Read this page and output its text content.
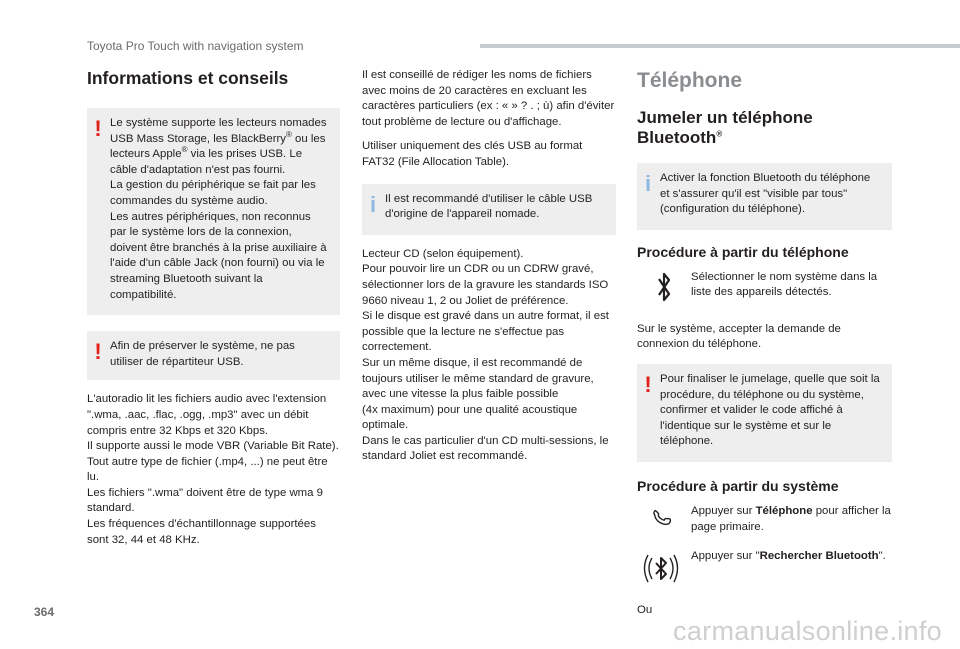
Toyota Pro Touch with navigation system
Informations et conseils
! Le système supporte les lecteurs nomades USB Mass Storage, les BlackBerry® ou les lecteurs Apple® via les prises USB. Le câble d'adaptation n'est pas fourni.

La gestion du périphérique se fait par les commandes du système audio.

Les autres périphériques, non reconnus par le système lors de la connexion, doivent être branchés à la prise auxiliaire à l'aide d'un câble Jack (non fourni) ou via le streaming Bluetooth suivant la compatibilité.

! Afin de préserver le système, ne pas utiliser de répartiteur USB.

L'autoradio lit les fichiers audio avec l'extension ".wma, .aac, .flac, .ogg, .mp3" avec un débit compris entre 32 Kbps et 320 Kbps.

Il supporte aussi le mode VBR (Variable Bit Rate).

Tout autre type de fichier (.mp4, ...) ne peut être lu.

Les fichiers ".wma" doivent être de type wma 9 standard.

Les fréquences d'échantillonnage supportées sont 32, 44 et 48 KHz.

Il est conseillé de rédiger les noms de fichiers avec moins de 20 caractères en excluant les caractères particuliers (ex : « » ? . ; ù) afin d'éviter tout problème de lecture ou d'affichage.

Utiliser uniquement des clés USB au format FAT32 (File Allocation Table).

i Il est recommandé d'utiliser le câble USB d'origine de l'appareil nomade.

Lecteur CD (selon équipement).

Pour pouvoir lire un CDR ou un CDRW gravé, sélectionner lors de la gravure les standards ISO 9660 niveau 1, 2 ou Joliet de préférence.

Si le disque est gravé dans un autre format, il est possible que la lecture ne s'effectue pas correctement.

Sur un même disque, il est recommandé de toujours utiliser le même standard de gravure, avec une vitesse la plus faible possible

(4x maximum) pour une qualité acoustique optimale.

Dans le cas particulier d'un CD multi-sessions, le standard Joliet est recommandé.

Téléphone
Jumeler un téléphone Bluetooth®
i Activer la fonction Bluetooth du téléphone et s'assurer qu'il est "visible par tous" (configuration du téléphone).

Procédure à partir du téléphone

Sélectionner le nom système dans la liste des appareils détectés.

Sur le système, accepter la demande de connexion du téléphone.

! Pour finaliser le jumelage, quelle que soit la procédure, du téléphone ou du système, confirmer et valider le code affiché à l'identique sur le système et sur le téléphone.

Procédure à partir du système

Appuyer sur Téléphone pour afficher la page primaire.

Appuyer sur "Rechercher Bluetooth".

Ou

364
carmanualsonline.info
